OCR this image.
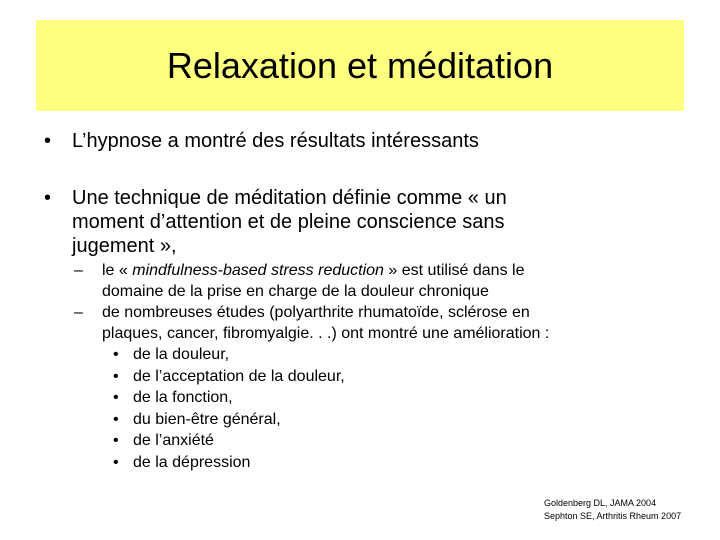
Relaxation et méditation
• L’hypnose a montré des résultats intéressants
• Une technique de méditation définie comme « un
moment d’attention et de pleine conscience sans
jugement »,
– le « mindfulness-based stress reduction » est utilisé dans le
domaine de la prise en charge de la douleur chronique
– de nombreuses études (polyarthrite rhumatoïde, sclérose en
plaques, cancer, fibromyalgie. . .) ont montré une amélioration :
• de la douleur,
• de l’acceptation de la douleur,
• de la fonction,
• du bien-être général,
• de l’anxiété
• de la dépression
Goldenberg DL, JAMA 2004
Sephton SE, Arthritis Rheum 2007
